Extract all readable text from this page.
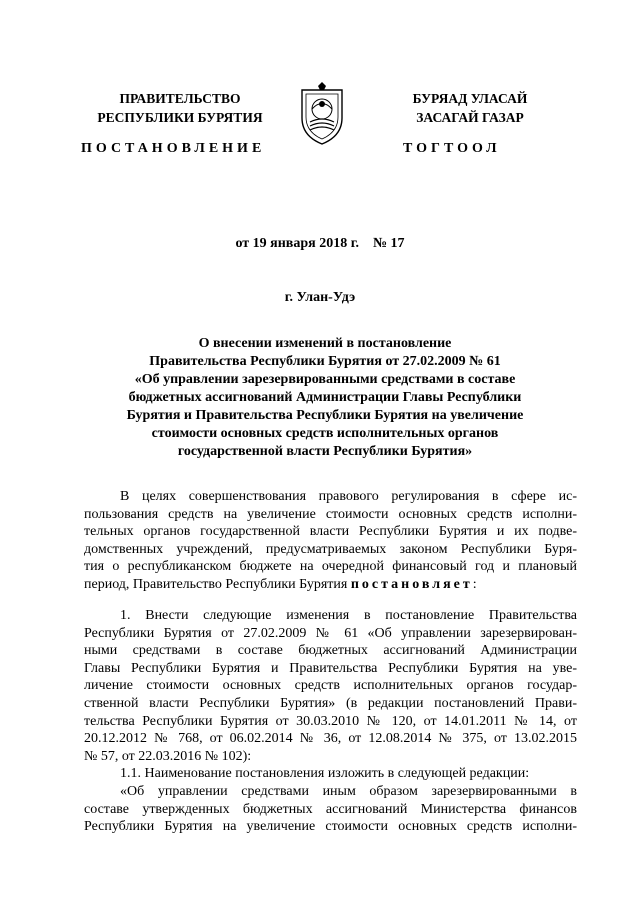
ПРАВИТЕЛЬСТВО
РЕСПУБЛИКИ БУРЯТИЯ
БУРЯАД УЛАСАЙ
ЗАСАГАЙ ГАЗАР
ПОСТАНОВЛЕНИЕ	ТОГТООЛ
от 19 января 2018 г. № 17
г. Улан-Удэ
О внесении изменений в постановление
Правительства Республики Бурятия от 27.02.2009 № 61
«Об управлении зарезервированными средствами в составе
бюджетных ассигнований Администрации Главы Республики
Бурятия и Правительства Республики Бурятия на увеличение
стоимости основных средств исполнительных органов
государственной власти Республики Бурятия»
В целях совершенствования правового регулирования в сфере ис-
пользования средств на увеличение стоимости основных средств исполни-
тельных органов государственной власти Республики Бурятия и их подве-
домственных учреждений, предусматриваемых законом Республики Буря-
тия о республиканском бюджете на очередной финансовый год и плановый
период, Правительство Республики Бурятия постановляет:
1. Внести следующие изменения в постановление Правительства
Республики Бурятия от 27.02.2009 № 61 «Об управлении зарезервирован-
ными средствами в составе бюджетных ассигнований Администрации
Главы Республики Бурятия и Правительства Республики Бурятия на уве-
личение стоимости основных средств исполнительных органов государ-
ственной власти Республики Бурятия» (в редакции постановлений Прави-
тельства Республики Бурятия от 30.03.2010 № 120, от 14.01.2011 № 14, от
20.12.2012 № 768, от 06.02.2014 № 36, от 12.08.2014 № 375, от 13.02.2015
№ 57, от 22.03.2016 № 102):
1.1. Наименование постановления изложить в следующей редакции:
«Об управлении средствами иным образом зарезервированными в
составе утвержденных бюджетных ассигнований Министерства финансов
Республики Бурятия на увеличение стоимости основных средств исполни-
